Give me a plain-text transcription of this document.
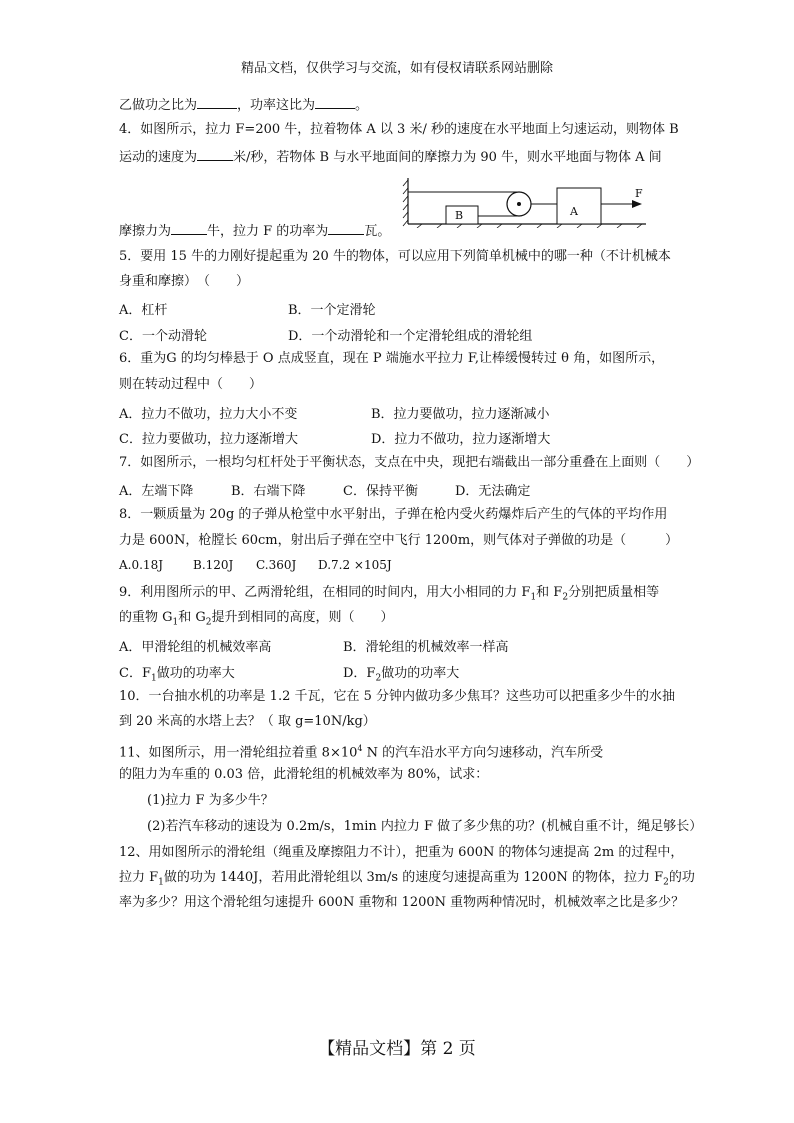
精品文档，仅供学习与交流，如有侵权请联系网站删除
乙做功之比为	，功率这比为	。
4．如图所示，拉力 F=200 牛，拉着物体 A 以 3 米/ 秒的速度在水平地面上匀速运动，则物体 B
运动的速度为	米/秒，若物体 B 与水平地面间的摩擦力为 90 牛，则水平地面与物体 A 间
B	A
F
摩擦力为	牛，拉力 F 的功率为	瓦。
5．要用 15 牛的力刚好提起重为 20 牛的物体，可以应用下列简单机械中的哪一种（不计机械本
身重和摩擦）　（　　）
A．杠杆	B．一个定滑轮
C．一个动滑轮	D．一个动滑轮和一个定滑轮组成的滑轮组
6．重为G 的均匀棒悬于 O 点成竖直，现在 P 端施水平拉力 F,让棒缓慢转过 θ 角，如图所示，
则在转动过程中（　　）
A．拉力不做功，拉力大小不变	B．拉力要做功，拉力逐渐减小
C．拉力要做功，拉力逐渐增大	D．拉力不做功，拉力逐渐增大
7．如图所示，一根均匀杠杆处于平衡状态，支点在中央，现把右端截出一部分重叠在上面则（　　）
A．左端下降	B．右端下降	C．保持平衡	D．无法确定
8．一颗质量为 20g 的子弹从枪堂中水平射出，子弹在枪内受火药爆炸后产生的气体的平均作用
力是 600N，枪膛长 60cm，射出后子弹在空中飞行 1200m，则气体对子弹做的功是（　　　）
A.0.18J B.120J C.360J D.7.2 ×105J
9．利用图所示的甲、乙两滑轮组，在相同的时间内，用大小相同的力 $F_1$和 $F_2$分别把质量相等
的重物 $G_1$和 $G_2$提升到相同的高度，则（　　）
A．甲滑轮组的机械效率高	B．滑轮组的机械效率一样高
C．$F_1$做功的功率大	D．$F_2$做功的功率大
10．一台抽水机的功率是 1.2 千瓦，它在 5 分钟内做功多少焦耳？这些功可以把重多少牛的水抽
到 20 米高的水塔上去？（ 取 g=10N/kg）
11、如图所示，用一滑轮组拉着重 $8\times 10^4$ N 的汽车沿水平方向匀速移动，汽车所受
的阻力为车重的 0.03 倍，此滑轮组的机械效率为 80%，试求：
(1)拉力 F 为多少牛？
(2)若汽车移动的速设为 0.2m/s，1min 内拉力 F 做了多少焦的功？(机械自重不计，绳足够长）
12、用如图所示的滑轮组（绳重及摩擦阻力不计），把重为 600N 的物体匀速提高 2m 的过程中，
拉力 $F_1$做的功为 1440J，若用此滑轮组以 3m/s 的速度匀速提高重为 1200N 的物体，拉力 $F_2$的功
率为多少？用这个滑轮组匀速提升 600N 重物和 1200N 重物两种情况时，机械效率之比是多少？
【精品文档】第 2 页
